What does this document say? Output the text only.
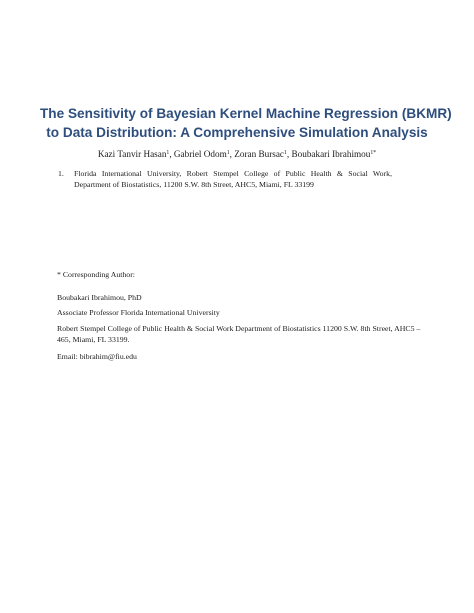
The Sensitivity of Bayesian Kernel Machine Regression (BKMR)
to Data Distribution: A Comprehensive Simulation Analysis
Kazi Tanvir Hasan$^1$, Gabriel Odom$^1$, Zoran Bursac$^1$, Boubakari Ibrahimou$^{1*}$
1. Florida International University, Robert Stempel College of Public Health & Social Work, Department of Biostatistics, 11200 S.W. 8th Street, AHC5, Miami, FL 33199

* Corresponding Author:

Boubakari Ibrahimou, PhD

Associate Professor Florida International University

Robert Stempel College of Public Health & Social Work Department of Biostatistics 11200 S.W. 8th Street, AHC5 – 465, Miami, FL 33199.

Email: bibrahim@fiu.edu
